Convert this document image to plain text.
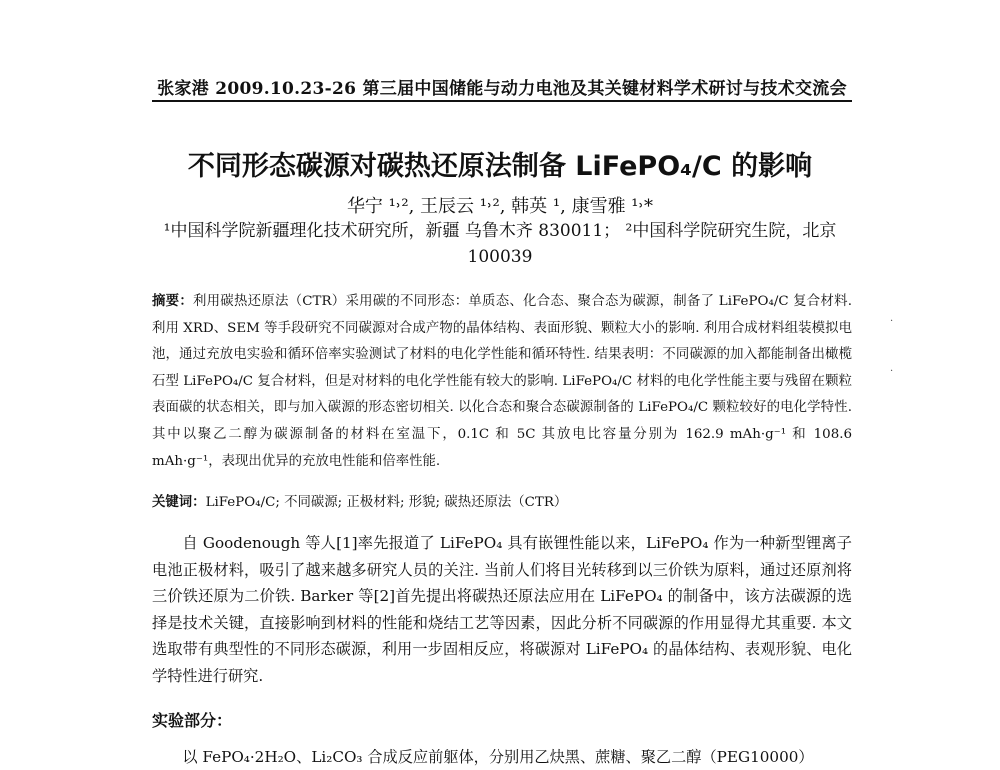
张家港 2009.10.23-26 第三届中国储能与动力电池及其关键材料学术研讨与技术交流会
不同形态碳源对碳热还原法制备 LiFePO₄/C 的影响
华宁 ¹˒², 王辰云 ¹˒², 韩英 ¹, 康雪雅 ¹˒*
¹中国科学院新疆理化技术研究所，新疆 乌鲁木齐 830011； ²中国科学院研究生院，北京 100039
摘要：利用碳热还原法（CTR）采用碳的不同形态：单质态、化合态、聚合态为碳源，制备了 LiFePO₄/C 复合材料. 利用 XRD、SEM 等手段研究不同碳源对合成产物的晶体结构、表面形貌、颗粒大小的影响. 利用合成材料组装模拟电池，通过充放电实验和循环倍率实验测试了材料的电化学性能和循环特性. 结果表明：不同碳源的加入都能制备出橄榄石型 LiFePO₄/C 复合材料，但是对材料的电化学性能有较大的影响. LiFePO₄/C 材料的电化学性能主要与残留在颗粒表面碳的状态相关，即与加入碳源的形态密切相关. 以化合态和聚合态碳源制备的 LiFePO₄/C 颗粒较好的电化学特性. 其中以聚乙二醇为碳源制备的材料在室温下，0.1C 和 5C 其放电比容量分别为 162.9 mAh·g⁻¹ 和 108.6 mAh·g⁻¹，表现出优异的充放电性能和倍率性能.
关键词：LiFePO₄/C; 不同碳源; 正极材料; 形貌; 碳热还原法（CTR）
自 Goodenough 等人[1]率先报道了 LiFePO₄ 具有嵌锂性能以来，LiFePO₄ 作为一种新型锂离子电池正极材料，吸引了越来越多研究人员的关注. 当前人们将目光转移到以三价铁为原料，通过还原剂将三价铁还原为二价铁. Barker 等[2]首先提出将碳热还原法应用在 LiFePO₄ 的制备中，该方法碳源的选择是技术关键，直接影响到材料的性能和烧结工艺等因素，因此分析不同碳源的作用显得尤其重要. 本文选取带有典型性的不同形态碳源，利用一步固相反应，将碳源对 LiFePO₄ 的晶体结构、表观形貌、电化学特性进行研究.
实验部分：
以 FePO₄·2H₂O、Li₂CO₃ 合成反应前躯体，分别用乙炔黑、蔗糖、聚乙二醇（PEG10000）
·
·
